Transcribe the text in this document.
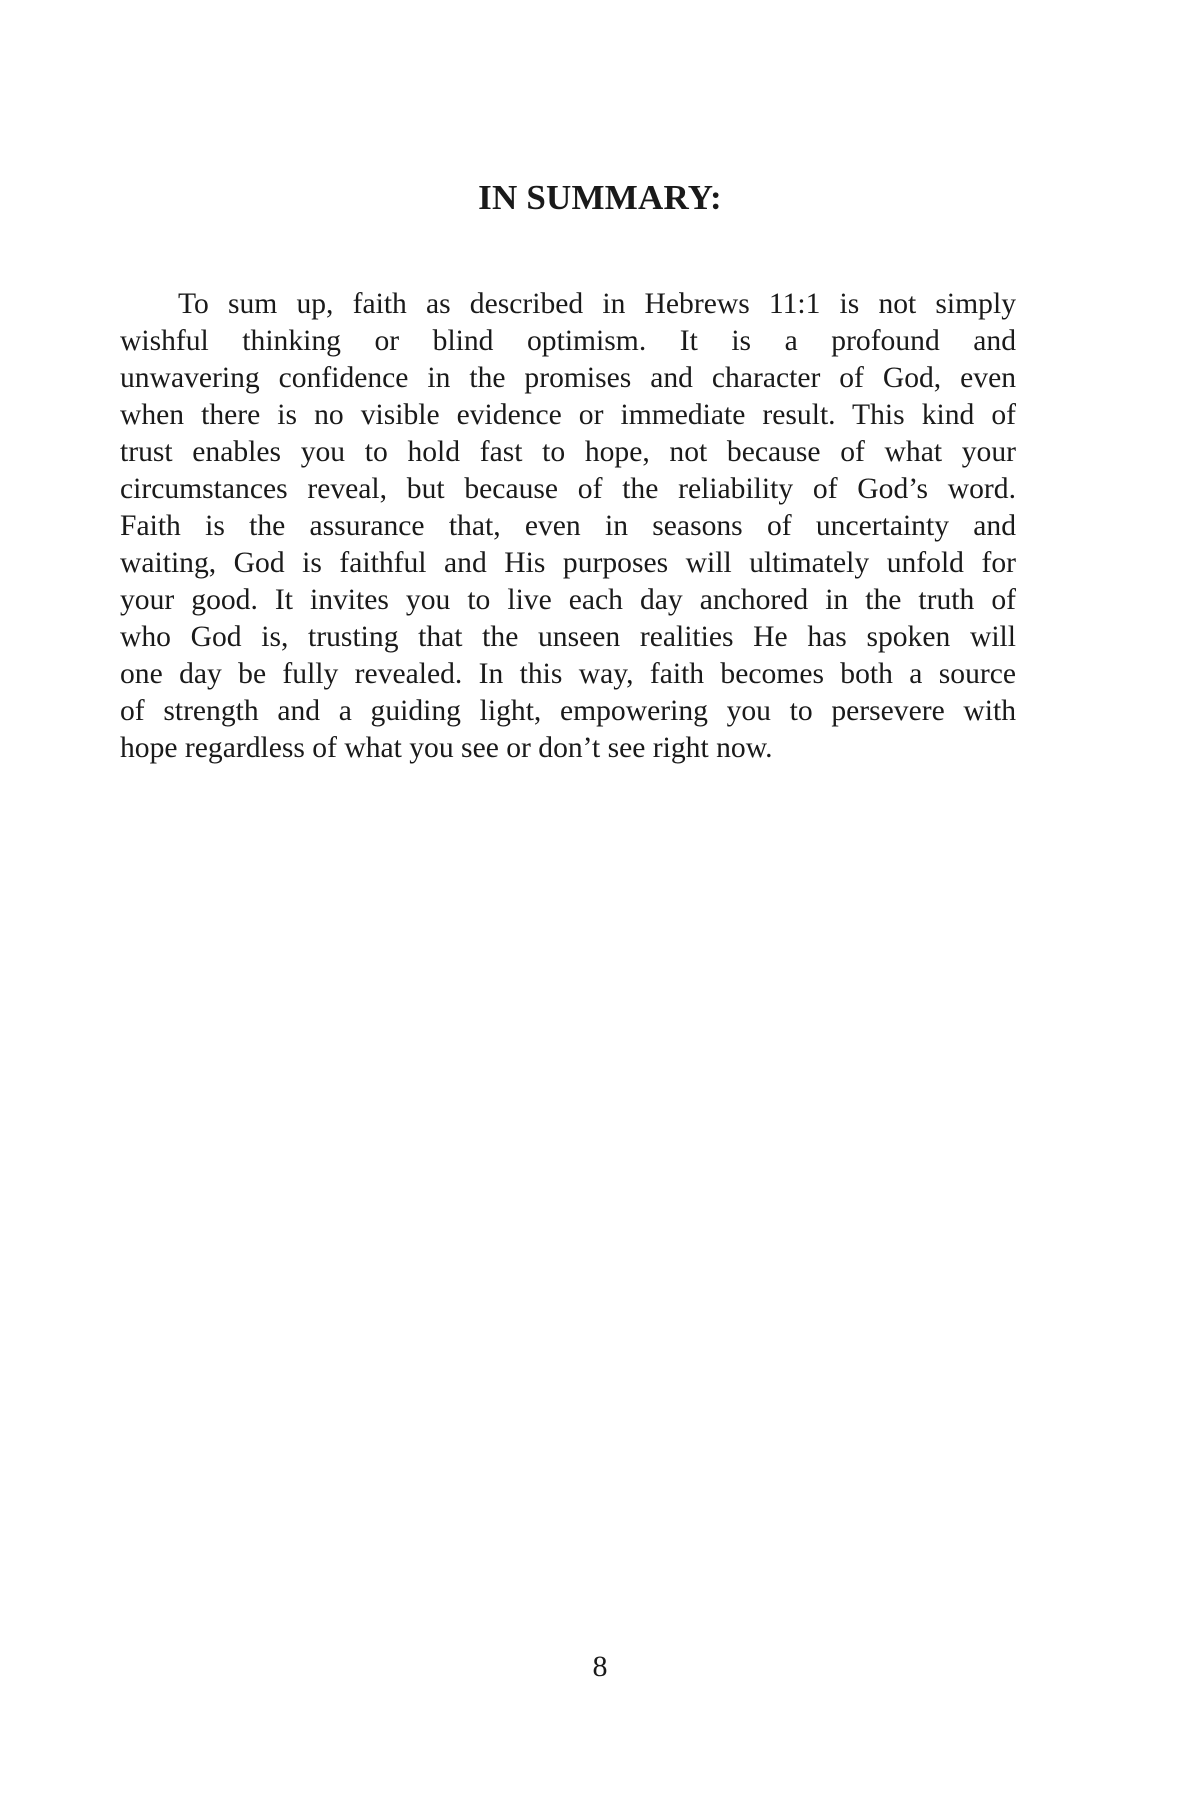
IN SUMMARY:
To sum up, faith as described in Hebrews 11:1 is not simply
wishful thinking or blind optimism. It is a profound and
unwavering confidence in the promises and character of God, even
when there is no visible evidence or immediate result. This kind of
trust enables you to hold fast to hope, not because of what your
circumstances reveal, but because of the reliability of God’s word.
Faith is the assurance that, even in seasons of uncertainty and
waiting, God is faithful and His purposes will ultimately unfold for
your good. It invites you to live each day anchored in the truth of
who God is, trusting that the unseen realities He has spoken will
one day be fully revealed. In this way, faith becomes both a source
of strength and a guiding light, empowering you to persevere with
hope regardless of what you see or don’t see right now.
8
